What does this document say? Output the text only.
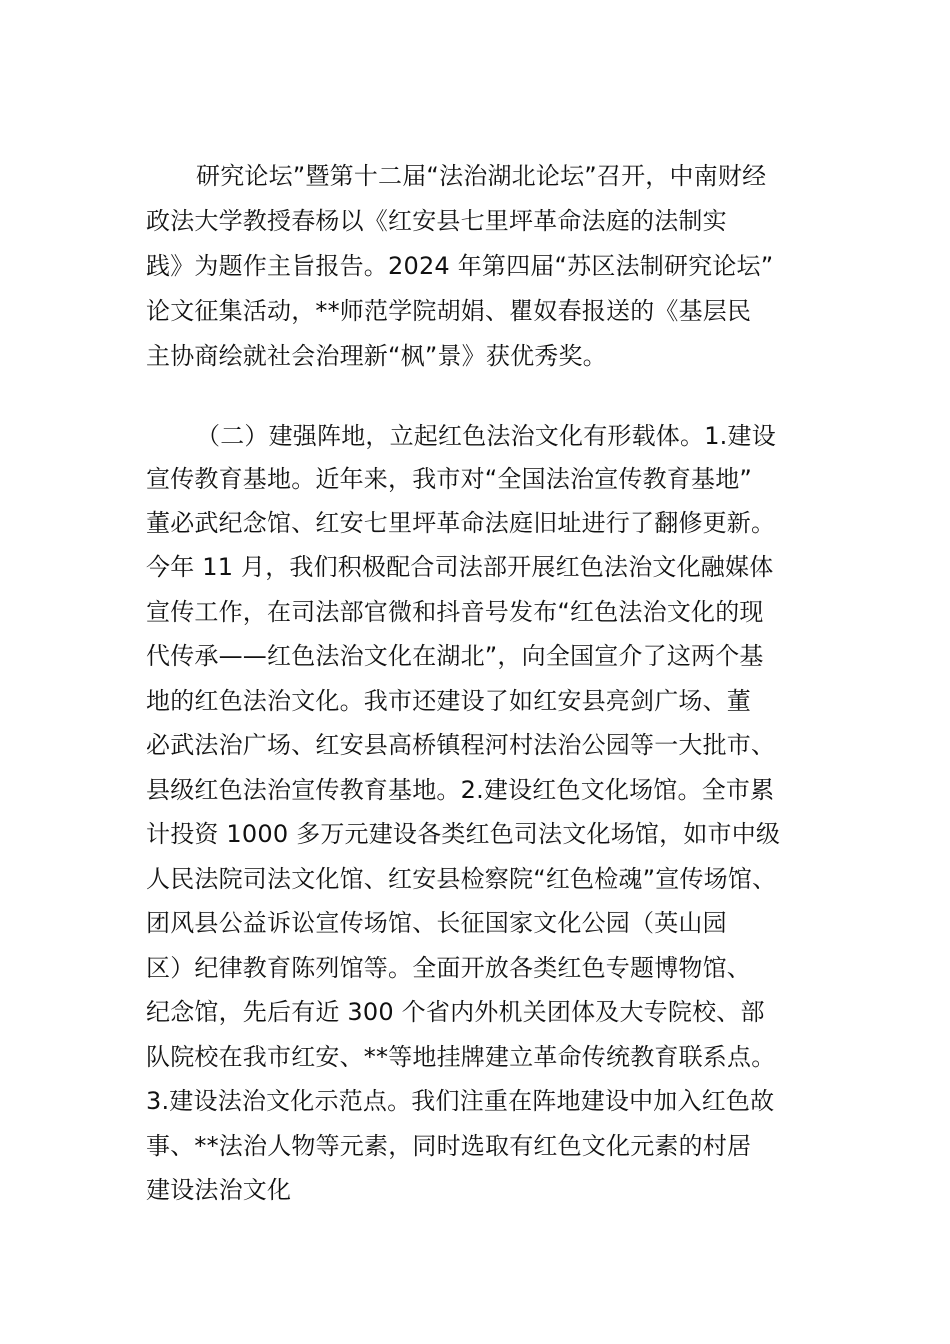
研究论坛”暨第十二届“法治湖北论坛”召开，中南财经
政法大学教授春杨以《红安县七里坪革命法庭的法制实
践》为题作主旨报告。2024 年第四届“苏区法制研究论坛”
论文征集活动，**师范学院胡娟、瞿奴春报送的《基层民
主协商绘就社会治理新“枫”景》获优秀奖。
（二）建强阵地，立起红色法治文化有形载体。1.建设
宣传教育基地。近年来，我市对“全国法治宣传教育基地”
董必武纪念馆、红安七里坪革命法庭旧址进行了翻修更新。
今年 11 月，我们积极配合司法部开展红色法治文化融媒体
宣传工作，在司法部官微和抖音号发布“红色法治文化的现
代传承——红色法治文化在湖北”，向全国宣介了这两个基
地的红色法治文化。我市还建设了如红安县亮剑广场、董
必武法治广场、红安县高桥镇程河村法治公园等一大批市、
县级红色法治宣传教育基地。2.建设红色文化场馆。全市累
计投资 1000 多万元建设各类红色司法文化场馆，如市中级
人民法院司法文化馆、红安县检察院“红色检魂”宣传场馆、
团风县公益诉讼宣传场馆、长征国家文化公园（英山园
区）纪律教育陈列馆等。全面开放各类红色专题博物馆、
纪念馆，先后有近 300 个省内外机关团体及大专院校、部
队院校在我市红安、**等地挂牌建立革命传统教育联系点。
3.建设法治文化示范点。我们注重在阵地建设中加入红色故
事、**法治人物等元素，同时选取有红色文化元素的村居
建设法治文化
